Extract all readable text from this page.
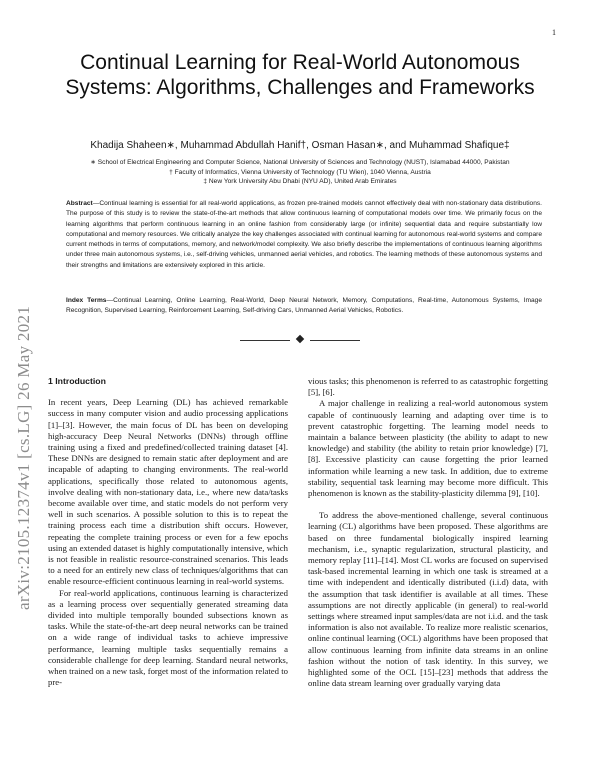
1
arXiv:2105.12374v1 [cs.LG] 26 May 2021
Continual Learning for Real-World Autonomous Systems: Algorithms, Challenges and Frameworks
Khadija Shaheen∗, Muhammad Abdullah Hanif†, Osman Hasan∗, and Muhammad Shafique‡
∗ School of Electrical Engineering and Computer Science, National University of Sciences and Technology (NUST), Islamabad 44000, Pakistan
† Faculty of Informatics, Vienna University of Technology (TU Wien), 1040 Vienna, Austria
‡ New York University Abu Dhabi (NYU AD), United Arab Emirates
Abstract—Continual learning is essential for all real-world applications, as frozen pre-trained models cannot effectively deal with non-stationary data distributions. The purpose of this study is to review the state-of-the-art methods that allow continuous learning of computational models over time. We primarily focus on the learning algorithms that perform continuous learning in an online fashion from considerably large (or infinite) sequential data and require substantially low computational and memory resources. We critically analyze the key challenges associated with continual learning for autonomous real-world systems and compare current methods in terms of computations, memory, and network/model complexity. We also briefly describe the implementations of continuous learning algorithms under three main autonomous systems, i.e., self-driving vehicles, unmanned aerial vehicles, and robotics. The learning methods of these autonomous systems and their strengths and limitations are extensively explored in this article.
Index Terms—Continual Learning, Online Learning, Real-World, Deep Neural Network, Memory, Computations, Real-time, Autonomous Systems, Image Recognition, Supervised Learning, Reinforcement Learning, Self-driving Cars, Unmanned Aerial Vehicles, Robotics.
1 Introduction

In recent years, Deep Learning (DL) has achieved remarkable success in many computer vision and audio processing applications [1]–[3]. However, the main focus of DL has been on developing high-accuracy Deep Neural Networks (DNNs) through offline training using a fixed and predefined/collected training dataset [4]. These DNNs are designed to remain static after deployment and are incapable of adapting to changing environments. The real-world applications, specifically those related to autonomous agents, involve dealing with non-stationary data, i.e., where new data/tasks become available over time, and static models do not perform very well in such scenarios. A possible solution to this is to repeat the training process each time a distribution shift occurs. However, repeating the complete training process or even for a few epochs using an extended dataset is highly computationally intensive, which is not feasible in realistic resource-constrained scenarios. This leads to a need for an entirely new class of techniques/algorithms that can enable resource-efficient continuous learning in real-world systems.

For real-world applications, continuous learning is characterized as a learning process over sequentially generated streaming data divided into multiple temporally bounded subsections known as tasks. While the state-of-the-art deep neural networks can be trained on a wide range of individual tasks to achieve impressive performance, learning multiple tasks sequentially remains a considerable challenge for deep learning. Standard neural networks, when trained on a new task, forget most of the information related to pre-

vious tasks; this phenomenon is referred to as catastrophic forgetting [5], [6].

A major challenge in realizing a real-world autonomous system capable of continuously learning and adapting over time is to prevent catastrophic forgetting. The learning model needs to maintain a balance between plasticity (the ability to adapt to new knowledge) and stability (the ability to retain prior knowledge) [7], [8]. Excessive plasticity can cause forgetting the prior learned information while learning a new task. In addition, due to extreme stability, sequential task learning may become more difficult. This phenomenon is known as the stability-plasticity dilemma [9], [10].

To address the above-mentioned challenge, several continuous learning (CL) algorithms have been proposed. These algorithms are based on three fundamental biologically inspired learning mechanism, i.e., synaptic regularization, structural plasticity, and memory replay [11]–[14]. Most CL works are focused on supervised task-based incremental learning in which one task is streamed at a time with independent and identically distributed (i.i.d) data, with the assumption that task identifier is available at all times. These assumptions are not directly applicable (in general) to real-world settings where streamed input samples/data are not i.i.d. and the task information is also not available. To realize more realistic scenarios, online continual learning (OCL) algorithms have been proposed that allow continuous learning from infinite data streams in an online fashion without the notion of task identity. In this survey, we highlighted some of the OCL [15]–[23] methods that address the online data stream learning over gradually varying data
